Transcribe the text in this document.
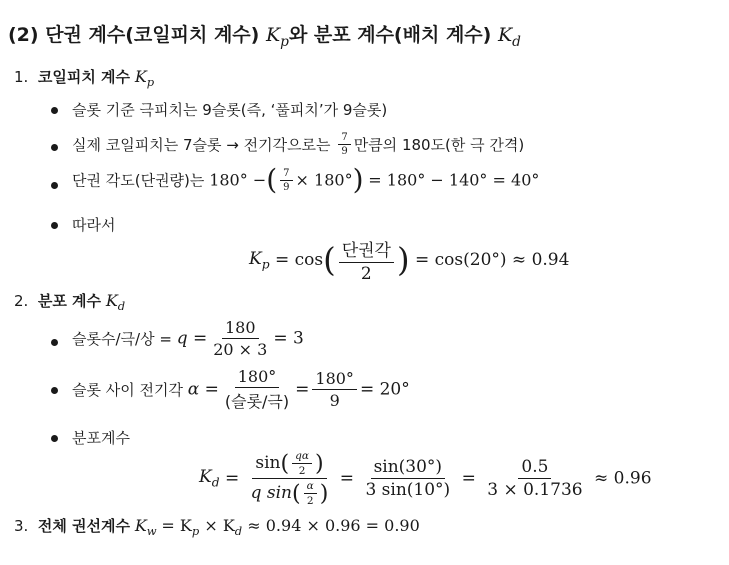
(2) 단권 계수(코일피치 계수) $K_p$와 분포 계수(배치 계수) $K_d$
1. 코일피치 계수 $K_p$
슬롯 기준 극피치는 9슬롯(즉, ‘풀피치’가 9슬롯)
실제 코일피치는 7슬롯 → 전기각으로는 $\frac{7}{9}$ 만큼의 180도(한 극 간격)
단권 각도(단권량)는 180° −( $\frac{7}{9} \times 180^\circ) = 180^\circ - 140^\circ = 40^\circ$
따라서
$K_p = \cos( \frac{\text{단권각}}{2}$ ) = cos(20°) ≈ 0.94
2. 분포 계수 $K_d$
슬롯수/극/상 = $q = \frac{180}{20 \times 3} = 3$
슬롯 사이 전기각 $\alpha = \frac{180^\circ}{\text{(슬롯/극)}} = \frac{180^\circ}{9} = 20^\circ$
분포계수
$K_d = \frac{\sin( \frac{q\alpha}{2} )}{q \sin( \frac{\alpha}{2} )} = \frac{\sin(30^\circ)}{3 \sin(10^\circ)} = \frac{0.5}{3 \times 0.1736} \approx 0.96$
3. 전체 권선계수 $K_w = K_p \times K_d \approx 0.94 \times 0.96 = 0.90$
